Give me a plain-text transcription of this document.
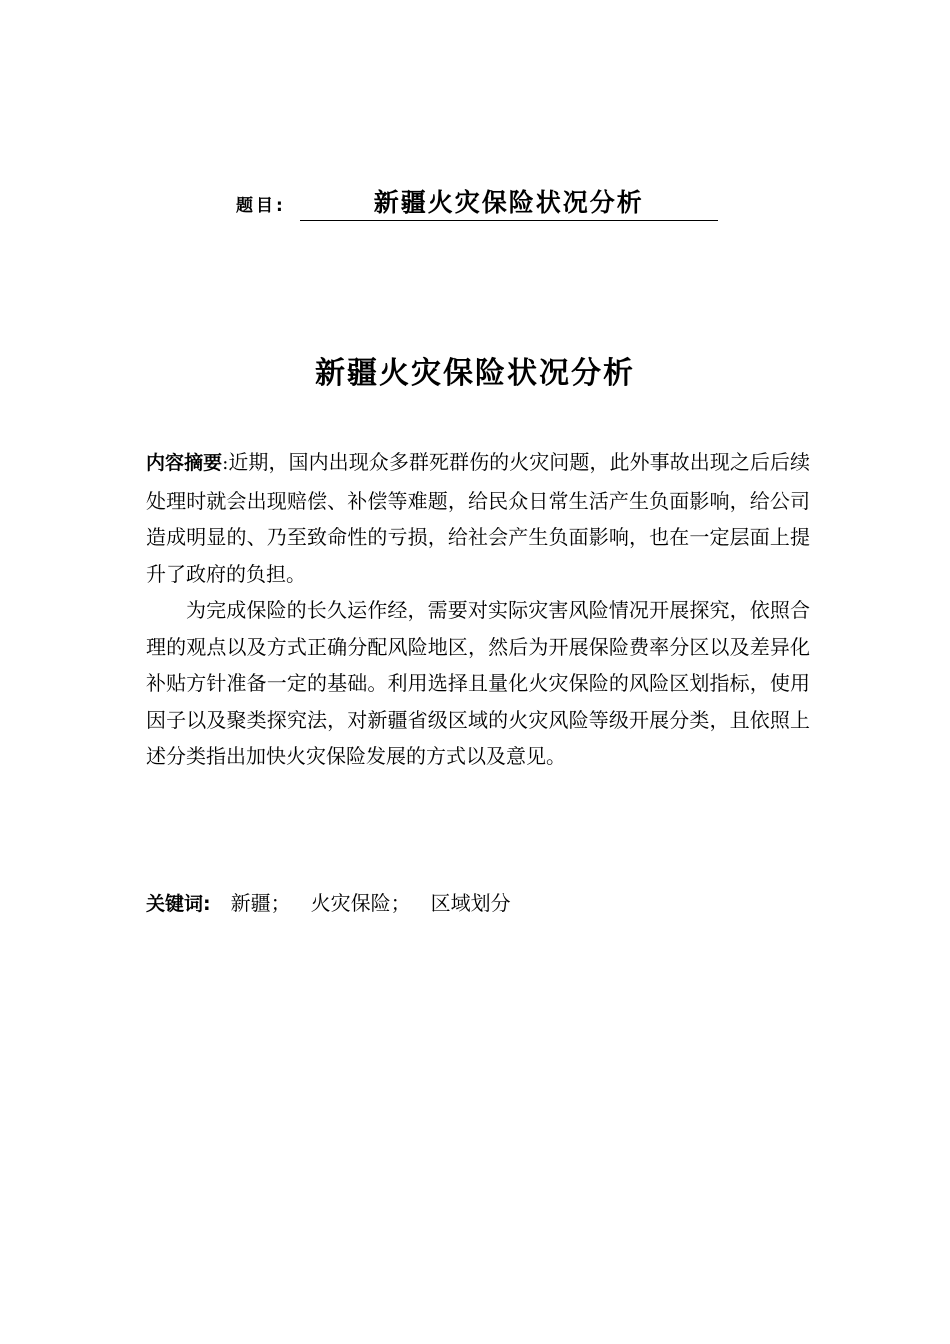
题目:	新疆火灾保险状况分析
新疆火灾保险状况分析

内容摘要:近期，国内出现众多群死群伤的火灾问题，此外事故出现之后后续处理时就会出现赔偿、补偿等难题，给民众日常生活产生负面影响，给公司造成明显的、乃至致命性的亏损，给社会产生负面影响，也在一定层面上提升了政府的负担。

为完成保险的长久运作经，需要对实际灾害风险情况开展探究，依照合理的观点以及方式正确分配风险地区，然后为开展保险费率分区以及差异化补贴方针准备一定的基础。利用选择且量化火灾保险的风险区划指标，使用因子以及聚类探究法，对新疆省级区域的火灾风险等级开展分类，且依照上述分类指出加快火灾保险发展的方式以及意见。

关键词: 新疆； 火灾保险； 区域划分
